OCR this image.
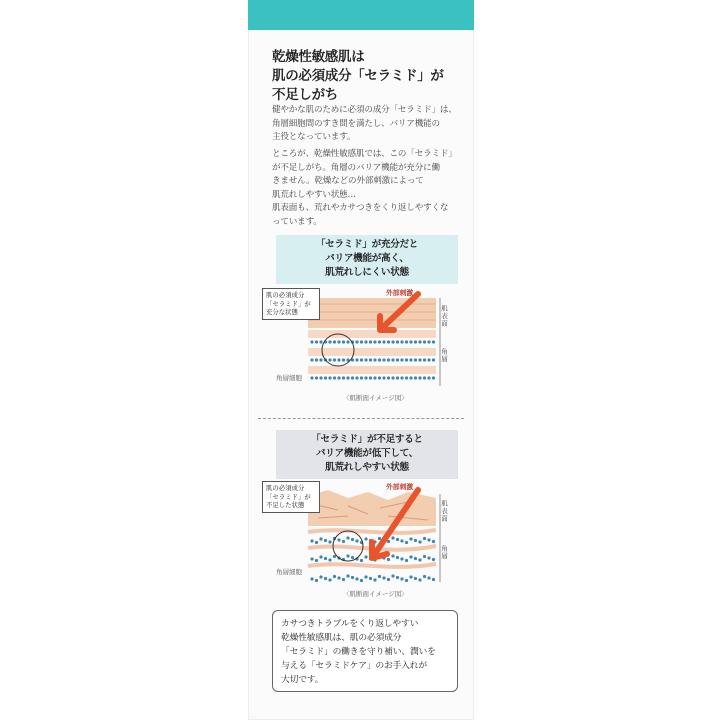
乾燥性敏感肌は
肌の必須成分「セラミド」が
不足しがち

健やかな肌のために必須の成分「セラミド」は、
角層細胞間のすき間を満たし、バリア機能の
主役となっています。

ところが、乾燥性敏感肌では、この「セラミド」
が不足しがち。角層のバリア機能が充分に働
きません。乾燥などの外部刺激によって
肌荒れしやすい状態…
肌表面も、荒れやカサつきをくり返しやすくな
っています。

「セラミド」が充分だと
バリア機能が高く、
肌荒れしにくい状態
肌の必須成分
「セラミド」が
充分な状態
外部刺激
肌表面
角層
角層細胞
〈肌断面イメージ図〉
「セラミド」が不足すると
バリア機能が低下して、
肌荒れしやすい状態
肌の必須成分
「セラミド」が
不足した状態
外部刺激
肌表面
角層
角層細胞
〈肌断面イメージ図〉
カサつきトラブルをくり返しやすい
乾燥性敏感肌は、肌の必須成分
「セラミド」の働きを守り補い、潤いを
与える「セラミドケア」のお手入れが
大切です。
